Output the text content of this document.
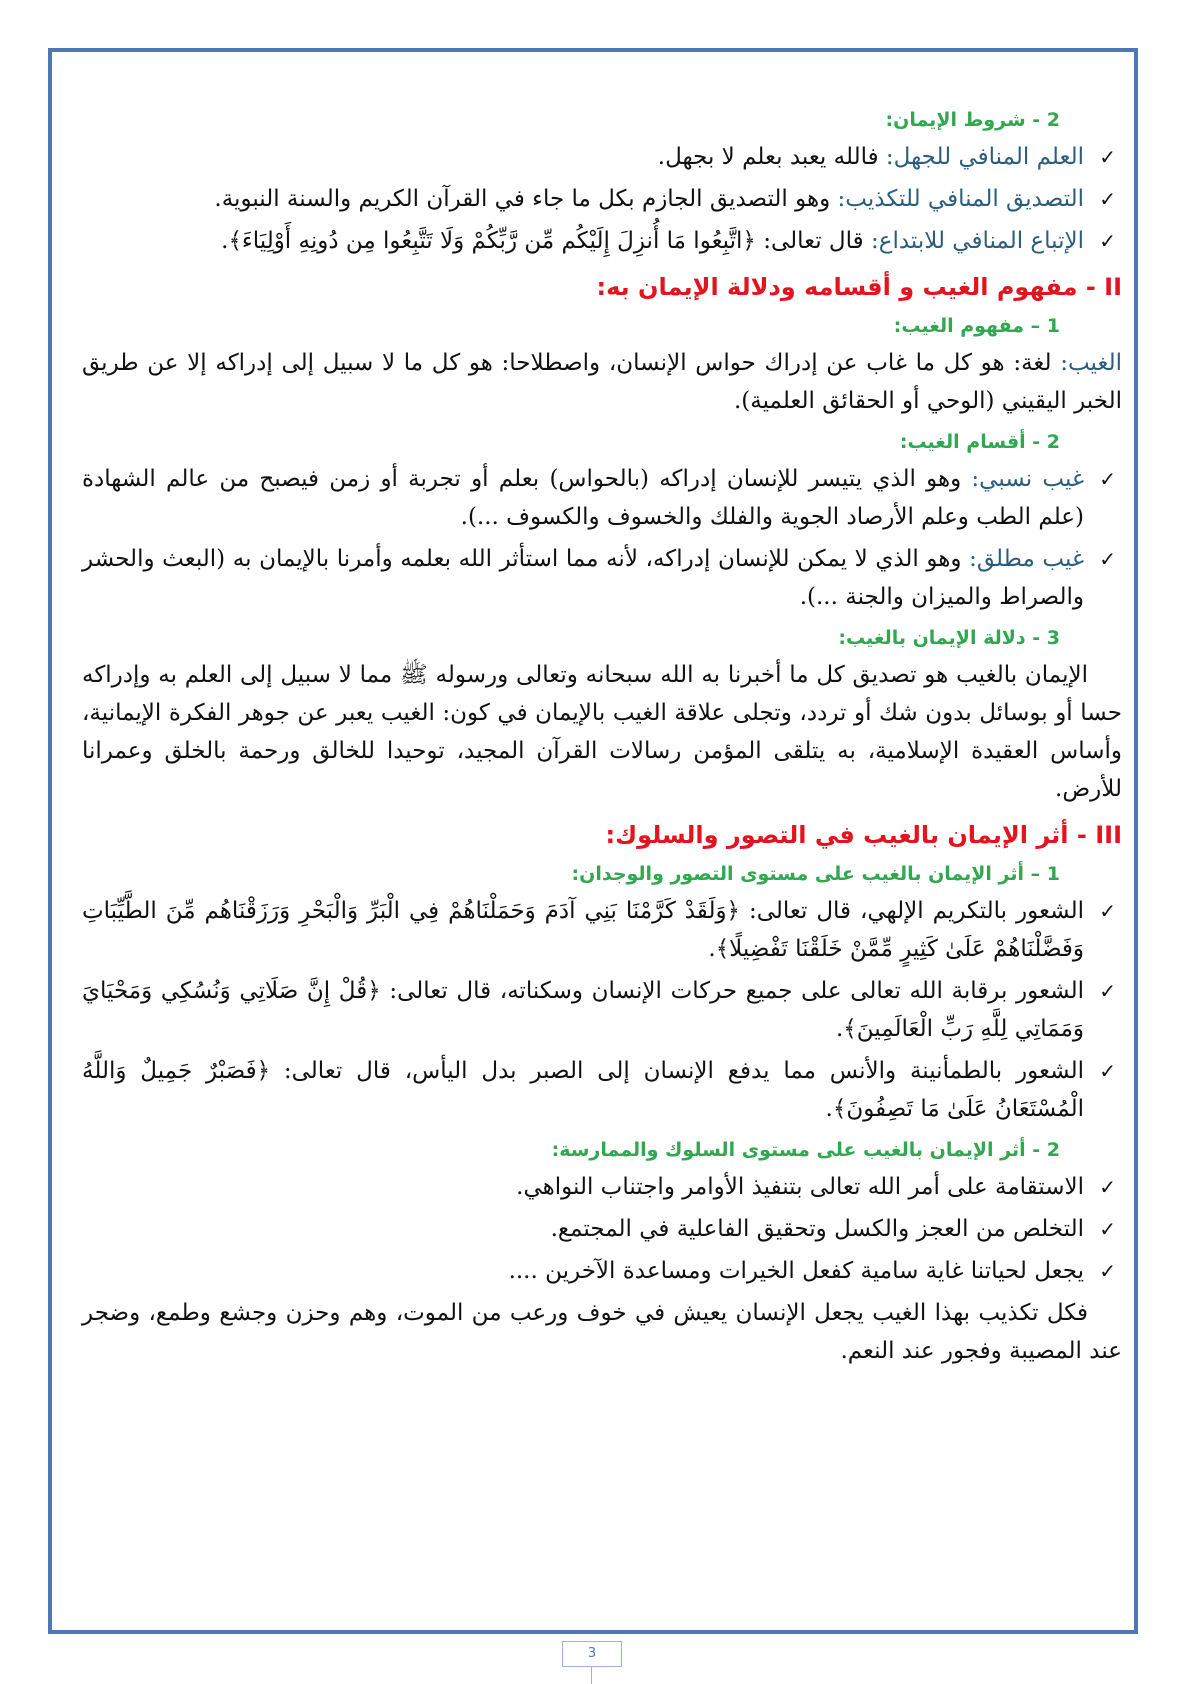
2 - شروط الإيمان:
✓
العلم المنافي للجهل: فالله يعبد بعلم لا بجهل.
✓
التصديق المنافي للتكذيب: وهو التصديق الجازم بكل ما جاء في القرآن الكريم والسنة النبوية.
✓
الإتباع المنافي للابتداع: قال تعالى: ﴿اتَّبِعُوا مَا أُنزِلَ إِلَيْكُم مِّن رَّبِّكُمْ وَلَا تَتَّبِعُوا مِن دُونِهِ أَوْلِيَاءَ﴾.
II - مفهوم الغيب و أقسامه ودلالة الإيمان به:
1 – مفهوم الغيب:

الغيب: لغة: هو كل ما غاب عن إدراك حواس الإنسان، واصطلاحا: هو كل ما لا سبيل إلى إدراكه إلا عن طريق الخبر اليقيني (الوحي أو الحقائق العلمية).

2 - أقسام الغيب:
✓
غيب نسبي: وهو الذي يتيسر للإنسان إدراكه (بالحواس) بعلم أو تجربة أو زمن فيصبح من عالم الشهادة (علم الطب وعلم الأرصاد الجوية والفلك والخسوف والكسوف ...).
✓
غيب مطلق: وهو الذي لا يمكن للإنسان إدراكه، لأنه مما استأثر الله بعلمه وأمرنا بالإيمان به (البعث والحشر والصراط والميزان والجنة ...).
3 - دلالة الإيمان بالغيب:

الإيمان بالغيب هو تصديق كل ما أخبرنا به الله سبحانه وتعالى ورسوله ﷺ مما لا سبيل إلى العلم به وإدراكه حسا أو بوسائل بدون شك أو تردد، وتجلى علاقة الغيب بالإيمان في كون: الغيب يعبر عن جوهر الفكرة الإيمانية، وأساس العقيدة الإسلامية، به يتلقى المؤمن رسالات القرآن المجيد، توحيدا للخالق ورحمة بالخلق وعمرانا للأرض.

III - أثر الإيمان بالغيب في التصور والسلوك:
1 – أثر الإيمان بالغيب على مستوى التصور والوجدان:
✓
الشعور بالتكريم الإلهي، قال تعالى: ﴿وَلَقَدْ كَرَّمْنَا بَنِي آدَمَ وَحَمَلْنَاهُمْ فِي الْبَرِّ وَالْبَحْرِ وَرَزَقْنَاهُم مِّنَ الطَّيِّبَاتِ وَفَضَّلْنَاهُمْ عَلَىٰ كَثِيرٍ مِّمَّنْ خَلَقْنَا تَفْضِيلًا﴾.
✓
الشعور برقابة الله تعالى على جميع حركات الإنسان وسكناته، قال تعالى: ﴿قُلْ إِنَّ صَلَاتِي وَنُسُكِي وَمَحْيَايَ وَمَمَاتِي لِلَّهِ رَبِّ الْعَالَمِينَ﴾.
✓
الشعور بالطمأنينة والأنس مما يدفع الإنسان إلى الصبر بدل اليأس، قال تعالى: ﴿فَصَبْرٌ جَمِيلٌ وَاللَّهُ الْمُسْتَعَانُ عَلَىٰ مَا تَصِفُونَ﴾.
2 - أثر الإيمان بالغيب على مستوى السلوك والممارسة:
✓
الاستقامة على أمر الله تعالى بتنفيذ الأوامر واجتناب النواهي.
✓
التخلص من العجز والكسل وتحقيق الفاعلية في المجتمع.
✓
يجعل لحياتنا غاية سامية كفعل الخيرات ومساعدة الآخرين ....

فكل تكذيب بهذا الغيب يجعل الإنسان يعيش في خوف ورعب من الموت، وهم وحزن وجشع وطمع، وضجر عند المصيبة وفجور عند النعم.

3
